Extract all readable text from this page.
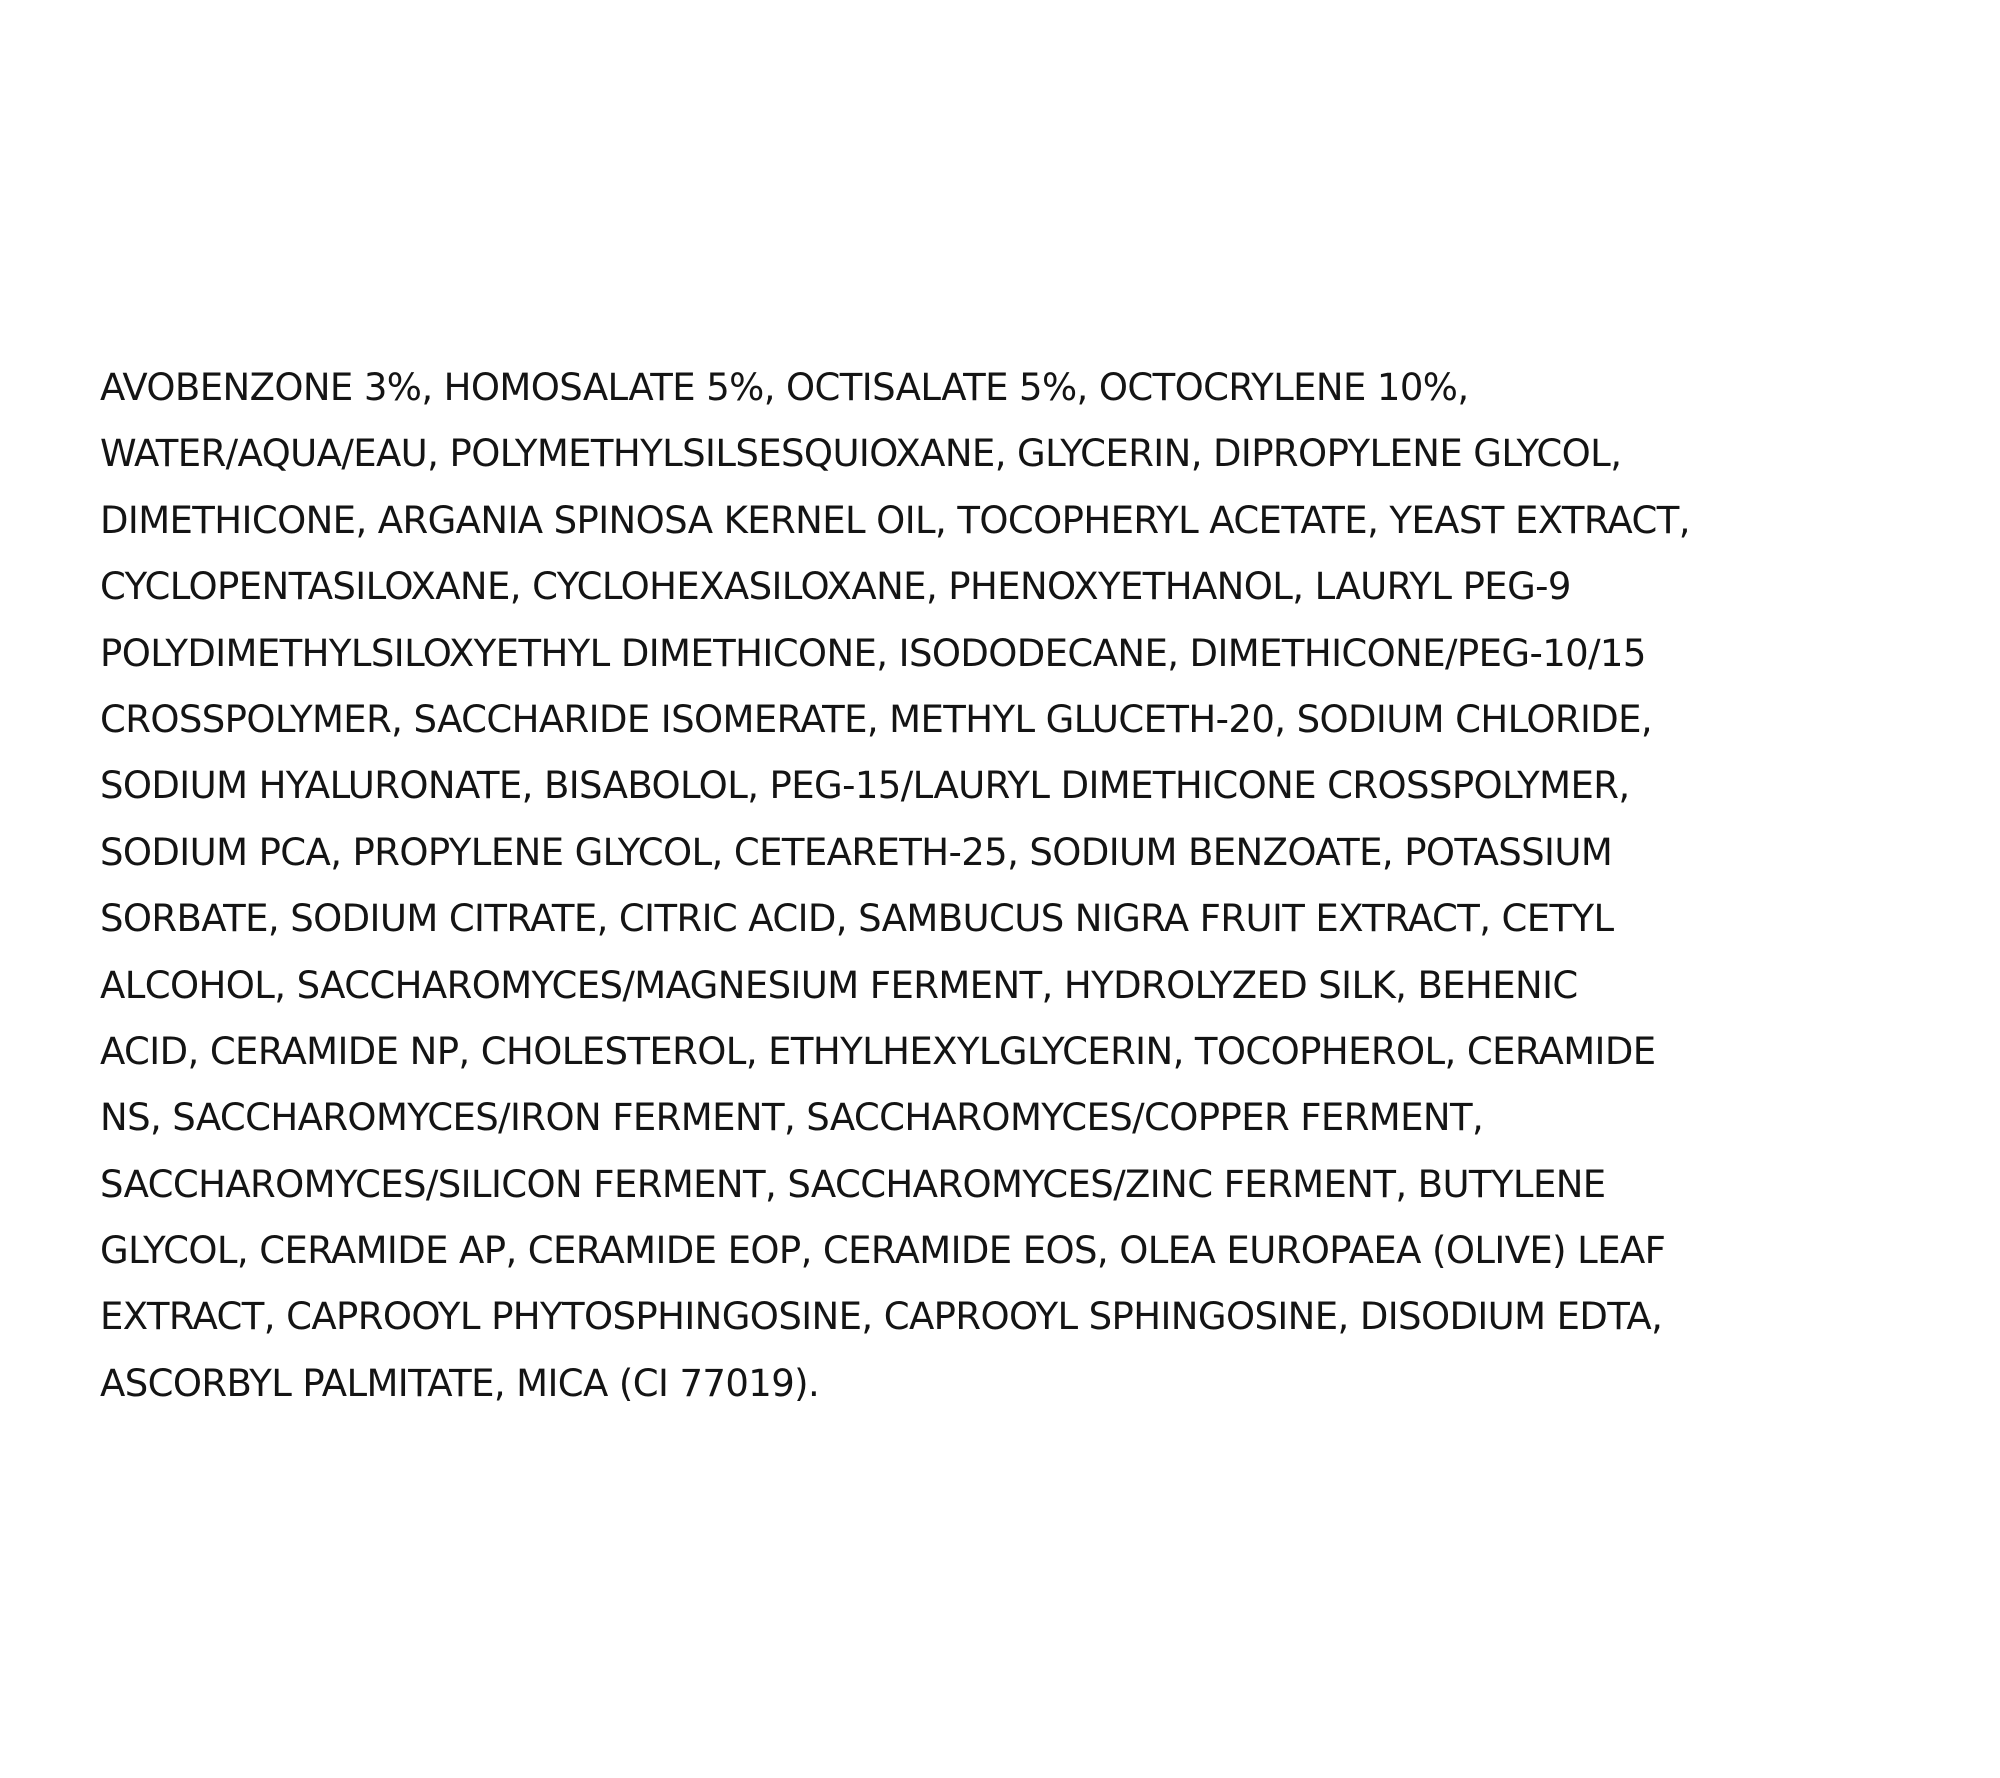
AVOBENZONE 3%, HOMOSALATE 5%, OCTISALATE 5%, OCTOCRYLENE 10%,
WATER/AQUA/EAU, POLYMETHYLSILSESQUIOXANE, GLYCERIN, DIPROPYLENE GLYCOL,
DIMETHICONE, ARGANIA SPINOSA KERNEL OIL, TOCOPHERYL ACETATE, YEAST EXTRACT,
CYCLOPENTASILOXANE, CYCLOHEXASILOXANE, PHENOXYETHANOL, LAURYL PEG-9
POLYDIMETHYLSILOXYETHYL DIMETHICONE, ISODODECANE, DIMETHICONE/PEG-10/15
CROSSPOLYMER, SACCHARIDE ISOMERATE, METHYL GLUCETH-20, SODIUM CHLORIDE,
SODIUM HYALURONATE, BISABOLOL, PEG-15/LAURYL DIMETHICONE CROSSPOLYMER,
SODIUM PCA, PROPYLENE GLYCOL, CETEARETH-25, SODIUM BENZOATE, POTASSIUM
SORBATE, SODIUM CITRATE, CITRIC ACID, SAMBUCUS NIGRA FRUIT EXTRACT, CETYL
ALCOHOL, SACCHAROMYCES/MAGNESIUM FERMENT, HYDROLYZED SILK, BEHENIC
ACID, CERAMIDE NP, CHOLESTEROL, ETHYLHEXYLGLYCERIN, TOCOPHEROL, CERAMIDE
NS, SACCHAROMYCES/IRON FERMENT, SACCHAROMYCES/COPPER FERMENT,
SACCHAROMYCES/SILICON FERMENT, SACCHAROMYCES/ZINC FERMENT, BUTYLENE
GLYCOL, CERAMIDE AP, CERAMIDE EOP, CERAMIDE EOS, OLEA EUROPAEA (OLIVE) LEAF
EXTRACT, CAPROOYL PHYTOSPHINGOSINE, CAPROOYL SPHINGOSINE, DISODIUM EDTA,
ASCORBYL PALMITATE, MICA (CI 77019).
